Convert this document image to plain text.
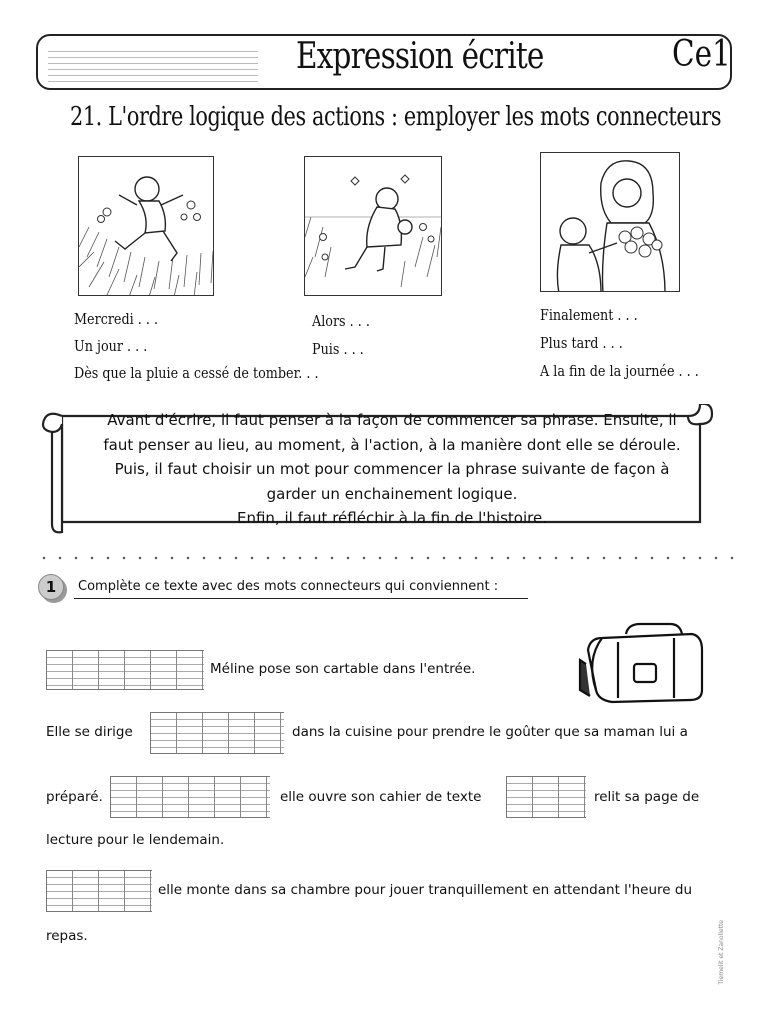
Expression écrite	Ce1
21. L'ordre logique des actions : employer les mots connecteurs
Mercredi . . .
Un jour . . .
Dès que la pluie a cessé de tomber. . .
Alors . . .
Puis . . .
Finalement . . .
Plus tard . . .
A la fin de la journée . . .
Avant d'écrire, il faut penser à la façon de commencer sa phrase. Ensuite, il
faut penser au lieu, au moment, à l'action, à la manière dont elle se déroule.
Puis, il faut choisir un mot pour commencer la phrase suivante de façon à
garder un enchainement logique.
Enfin, il faut réfléchir à la fin de l'histoire.
1	Complète ce texte avec des mots connecteurs qui conviennent :
Méline pose son cartable dans l'entrée.
Elle se dirige	dans la cuisine pour prendre le goûter que sa maman lui a
préparé.	elle ouvre son cahier de texte	relit sa page de
lecture pour le lendemain.
elle monte dans sa chambre pour jouer tranquillement en attendant l'heure du
repas.	Tiemelit et Zanollette
